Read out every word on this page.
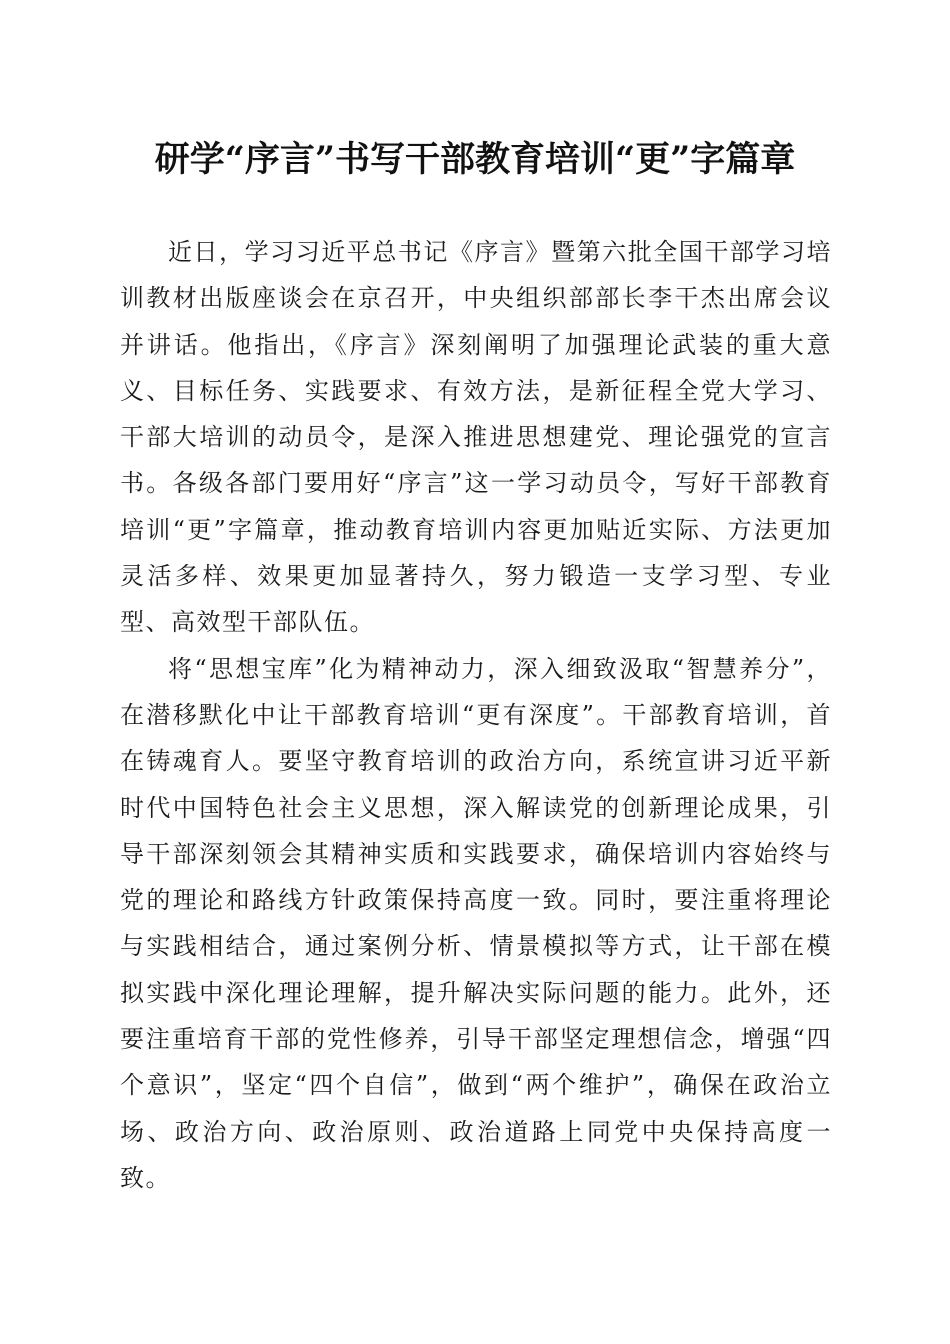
研学“序言”书写干部教育培训“更”字篇章

近日，学习习近平总书记《序言》暨第六批全国干部学习培训教材出版座谈会在京召开，中央组织部部长李干杰出席会议并讲话。他指出，《序言》深刻阐明了加强理论武装的重大意义、目标任务、实践要求、有效方法，是新征程全党大学习、干部大培训的动员令，是深入推进思想建党、理论强党的宣言书。各级各部门要用好“序言”这一学习动员令，写好干部教育培训“更”字篇章，推动教育培训内容更加贴近实际、方法更加灵活多样、效果更加显著持久，努力锻造一支学习型、专业型、高效型干部队伍。

将“思想宝库”化为精神动力，深入细致汲取“智慧养分”，在潜移默化中让干部教育培训“更有深度”。干部教育培训，首在铸魂育人。要坚守教育培训的政治方向，系统宣讲习近平新时代中国特色社会主义思想，深入解读党的创新理论成果，引导干部深刻领会其精神实质和实践要求，确保培训内容始终与党的理论和路线方针政策保持高度一致。同时，要注重将理论与实践相结合，通过案例分析、情景模拟等方式，让干部在模拟实践中深化理论理解，提升解决实际问题的能力。此外，还要注重培育干部的党性修养，引导干部坚定理想信念，增强“四个意识”，坚定“四个自信”，做到“两个维护”，确保在政治立场、政治方向、政治原则、政治道路上同党中央保持高度一致。
